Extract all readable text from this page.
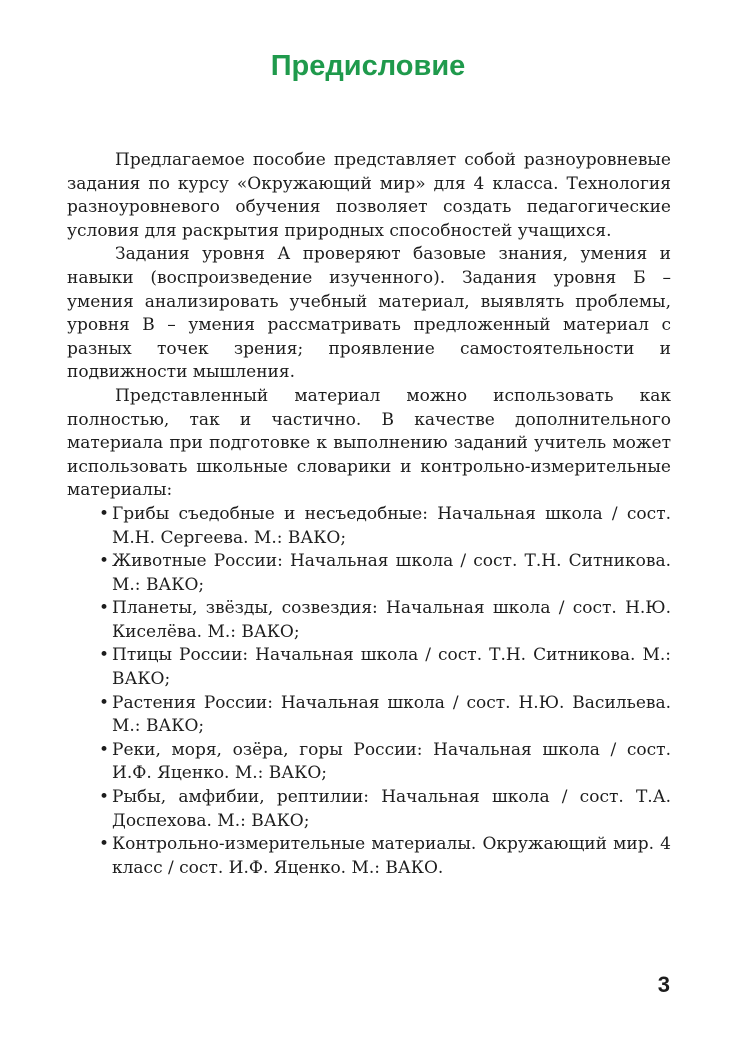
Предисловие

Предлагаемое пособие представляет собой разноуровневые задания по курсу «Окружающий мир» для 4 класса. Технология разноуровневого обучения позволяет создать педагогические условия для раскрытия природных способностей учащихся.

Задания уровня А проверяют базовые знания, умения и навыки (воспроизведение изученного). Задания уровня Б – умения анализировать учебный материал, выявлять проблемы, уровня В – умения рассматривать предложенный материал с разных точек зрения; проявление самостоятельности и подвижности мышления.

Представленный материал можно использовать как полностью, так и частично. В качестве дополнительного материала при подготовке к выполнению заданий учитель может использовать школьные словарики и контрольно-измерительные материалы:

• Грибы съедобные и несъедобные: Начальная школа / сост. М.Н. Сергеева. М.: ВАКО;
• Животные России: Начальная школа / сост. Т.Н. Ситникова. М.: ВАКО;
• Планеты, звёзды, созвездия: Начальная школа / сост. Н.Ю. Киселёва. М.: ВАКО;
• Птицы России: Начальная школа / сост. Т.Н. Ситникова. М.: ВАКО;
• Растения России: Начальная школа / сост. Н.Ю. Васильева. М.: ВАКО;
• Реки, моря, озёра, горы России: Начальная школа / сост. И.Ф. Яценко. М.: ВАКО;
• Рыбы, амфибии, рептилии: Начальная школа / сост. Т.А. Доспехова. М.: ВАКО;
• Контрольно-измерительные материалы. Окружающий мир. 4 класс / сост. И.Ф. Яценко. М.: ВАКО.
3
